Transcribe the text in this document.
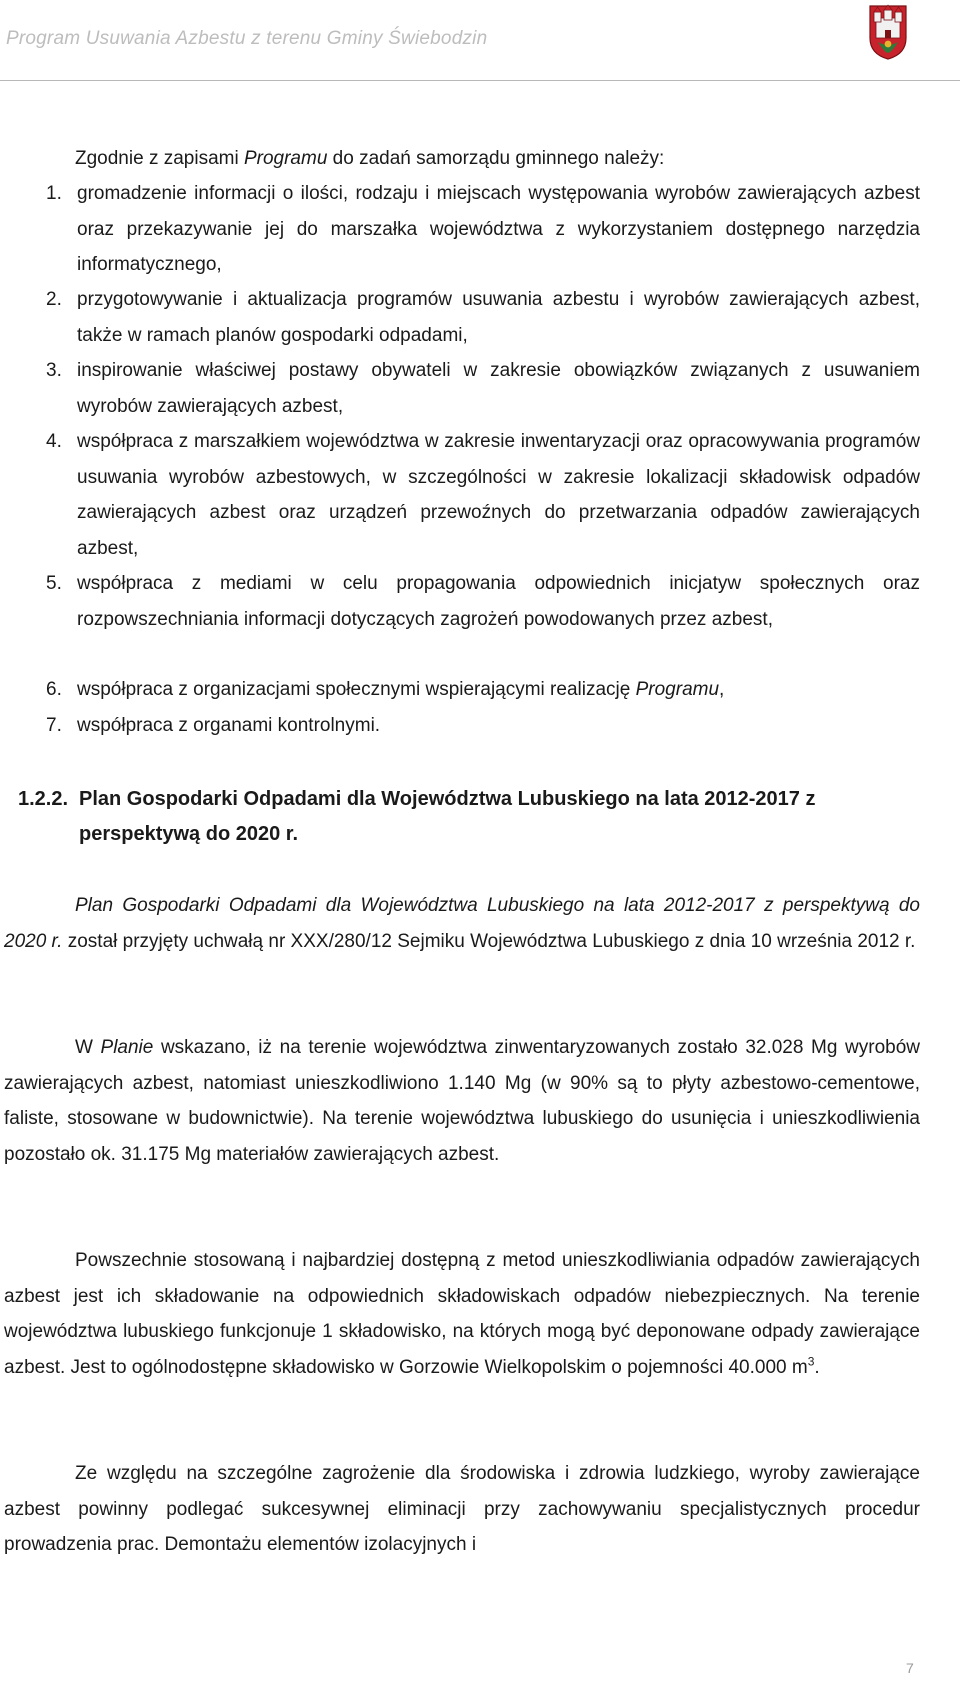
Program Usuwania Azbestu z terenu Gminy Świebodzin
Zgodnie z zapisami Programu do zadań samorządu gminnego należy:
1. gromadzenie informacji o ilości, rodzaju i miejscach występowania wyrobów zawierających azbest oraz przekazywanie jej do marszałka województwa z wykorzystaniem dostępnego narzędzia informatycznego,
2. przygotowywanie i aktualizacja programów usuwania azbestu i wyrobów zawierających azbest, także w ramach planów gospodarki odpadami,
3. inspirowanie właściwej postawy obywateli w zakresie obowiązków związanych z usuwaniem wyrobów zawierających azbest,
4. współpraca z marszałkiem województwa w zakresie inwentaryzacji oraz opracowywania programów usuwania wyrobów azbestowych, w szczególności w zakresie lokalizacji składowisk odpadów zawierających azbest oraz urządzeń przewoźnych do przetwarzania odpadów zawierających azbest,
5. współpraca z mediami w celu propagowania odpowiednich inicjatyw społecznych oraz rozpowszechniania informacji dotyczących zagrożeń powodowanych przez azbest,
6. współpraca z organizacjami społecznymi wspierającymi realizację Programu,
7. współpraca z organami kontrolnymi.
1.2.2. Plan Gospodarki Odpadami dla Województwa Lubuskiego na lata 2012-2017 z perspektywą do 2020 r.
Plan Gospodarki Odpadami dla Województwa Lubuskiego na lata 2012-2017 z perspektywą do 2020 r. został przyjęty uchwałą nr XXX/280/12 Sejmiku Województwa Lubuskiego z dnia 10 września 2012 r.
W Planie wskazano, iż na terenie województwa zinwentaryzowanych zostało 32.028 Mg wyrobów zawierających azbest, natomiast unieszkodliwiono 1.140 Mg (w 90% są to płyty azbestowo-cementowe, faliste, stosowane w budownictwie). Na terenie województwa lubuskiego do usunięcia i unieszkodliwienia pozostało ok. 31.175 Mg materiałów zawierających azbest.
Powszechnie stosowaną i najbardziej dostępną z metod unieszkodliwiania odpadów zawierających azbest jest ich składowanie na odpowiednich składowiskach odpadów niebezpiecznych. Na terenie województwa lubuskiego funkcjonuje 1 składowisko, na których mogą być deponowane odpady zawierające azbest. Jest to ogólnodostępne składowisko w Gorzowie Wielkopolskim o pojemności 40.000 $m^3$.
Ze względu na szczególne zagrożenie dla środowiska i zdrowia ludzkiego, wyroby zawierające azbest powinny podlegać sukcesywnej eliminacji przy zachowywaniu specjalistycznych procedur prowadzenia prac. Demontażu elementów izolacyjnych i
7
